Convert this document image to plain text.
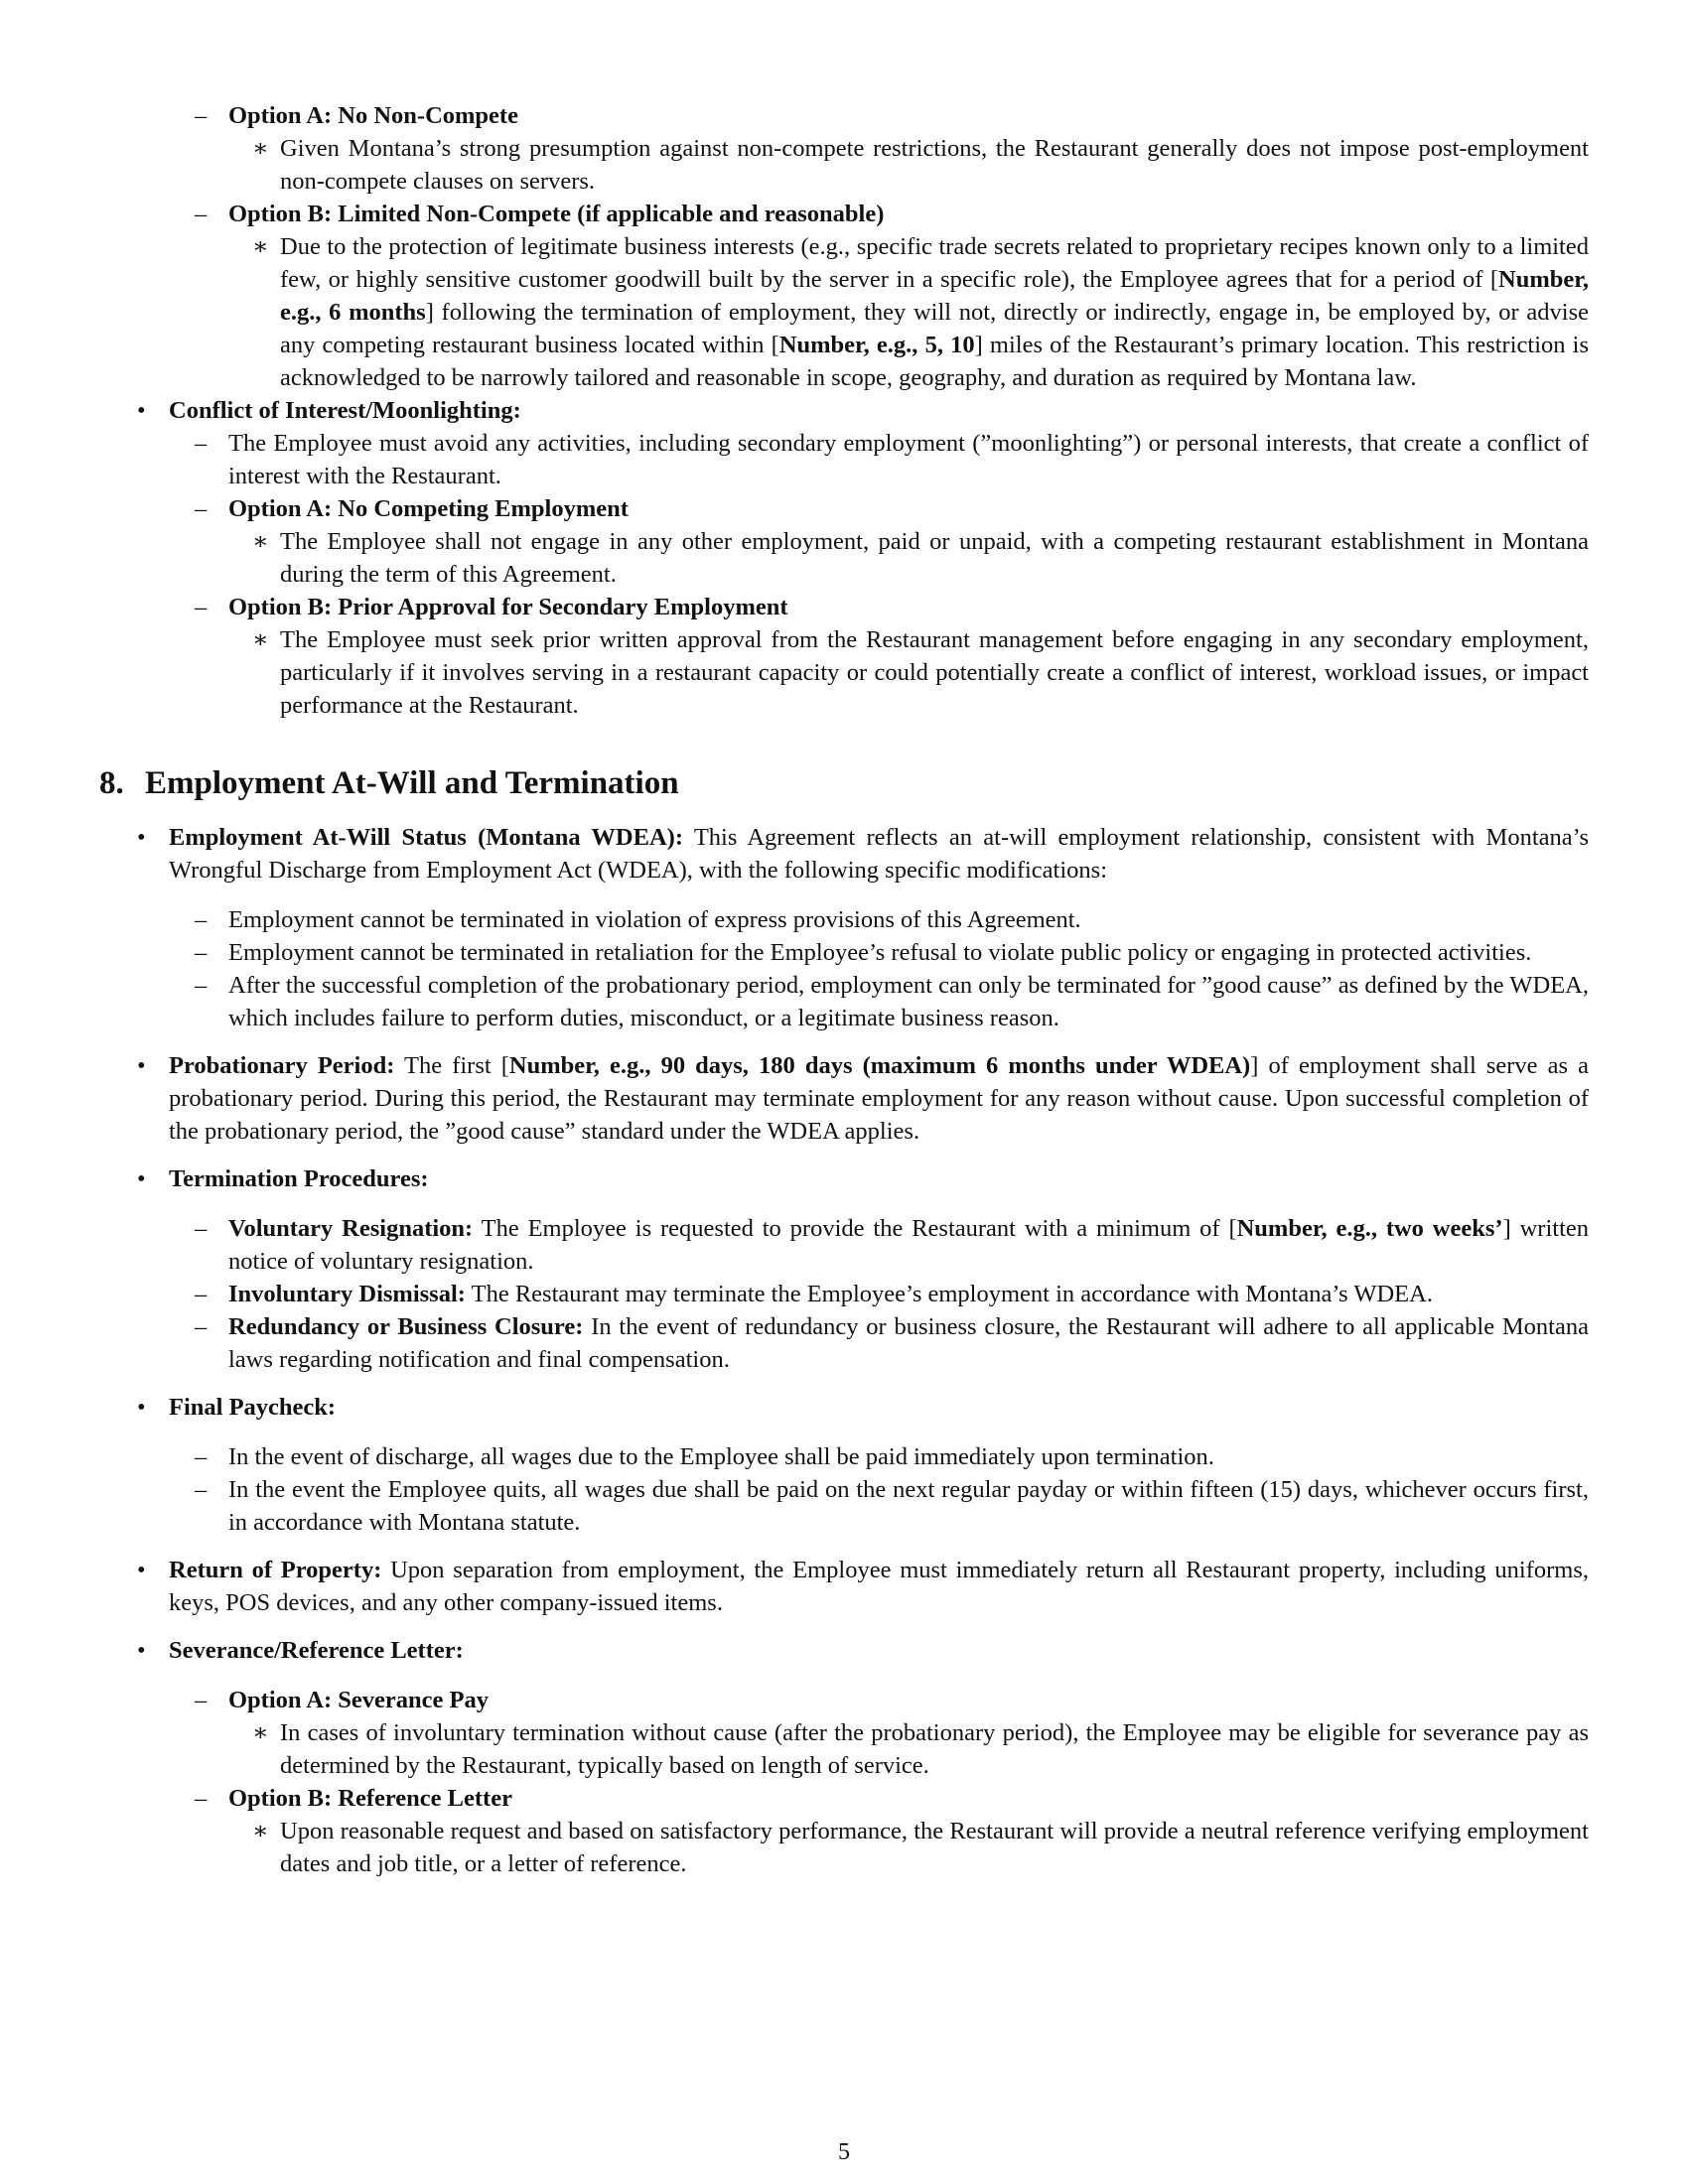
– Option A: No Non-Compete
∗ Given Montana’s strong presumption against non-compete restrictions, the Restaurant generally does not impose post-employment non-compete clauses on servers.
– Option B: Limited Non-Compete (if applicable and reasonable)
∗ Due to the protection of legitimate business interests (e.g., specific trade secrets related to proprietary recipes known only to a limited few, or highly sensitive customer goodwill built by the server in a specific role), the Employee agrees that for a period of [Number, e.g., 6 months] following the termination of employment, they will not, directly or indirectly, engage in, be employed by, or advise any competing restaurant business located within [Number, e.g., 5, 10] miles of the Restaurant’s primary location. This restriction is acknowledged to be narrowly tailored and reasonable in scope, geography, and duration as required by Montana law.
• Conflict of Interest/Moonlighting:
– The Employee must avoid any activities, including secondary employment (”moonlighting”) or personal interests, that create a conflict of interest with the Restaurant.
– Option A: No Competing Employment
∗ The Employee shall not engage in any other employment, paid or unpaid, with a competing restaurant establishment in Montana during the term of this Agreement.
– Option B: Prior Approval for Secondary Employment
∗ The Employee must seek prior written approval from the Restaurant management before engaging in any secondary employment, particularly if it involves serving in a restaurant capacity or could potentially create a conflict of interest, workload issues, or impact performance at the Restaurant.
8. Employment At-Will and Termination
• Employment At-Will Status (Montana WDEA): This Agreement reflects an at-will employment relationship, consistent with Montana’s Wrongful Discharge from Employment Act (WDEA), with the following specific modifications:
– Employment cannot be terminated in violation of express provisions of this Agreement.
– Employment cannot be terminated in retaliation for the Employee’s refusal to violate public policy or engaging in protected activities.
– After the successful completion of the probationary period, employment can only be terminated for ”good cause” as defined by the WDEA, which includes failure to perform duties, misconduct, or a legitimate business reason.
• Probationary Period: The first [Number, e.g., 90 days, 180 days (maximum 6 months under WDEA)] of employment shall serve as a probationary period. During this period, the Restaurant may terminate employment for any reason without cause. Upon successful completion of the probationary period, the ”good cause” standard under the WDEA applies.
• Termination Procedures:
– Voluntary Resignation: The Employee is requested to provide the Restaurant with a minimum of [Number, e.g., two weeks’] written notice of voluntary resignation.
– Involuntary Dismissal: The Restaurant may terminate the Employee’s employment in accordance with Montana’s WDEA.
– Redundancy or Business Closure: In the event of redundancy or business closure, the Restaurant will adhere to all applicable Montana laws regarding notification and final compensation.
• Final Paycheck:
– In the event of discharge, all wages due to the Employee shall be paid immediately upon termination.
– In the event the Employee quits, all wages due shall be paid on the next regular payday or within fifteen (15) days, whichever occurs first, in accordance with Montana statute.
• Return of Property: Upon separation from employment, the Employee must immediately return all Restaurant property, including uniforms, keys, POS devices, and any other company-issued items.
• Severance/Reference Letter:
– Option A: Severance Pay
∗ In cases of involuntary termination without cause (after the probationary period), the Employee may be eligible for severance pay as determined by the Restaurant, typically based on length of service.
– Option B: Reference Letter
∗ Upon reasonable request and based on satisfactory performance, the Restaurant will provide a neutral reference verifying employment dates and job title, or a letter of reference.
5
